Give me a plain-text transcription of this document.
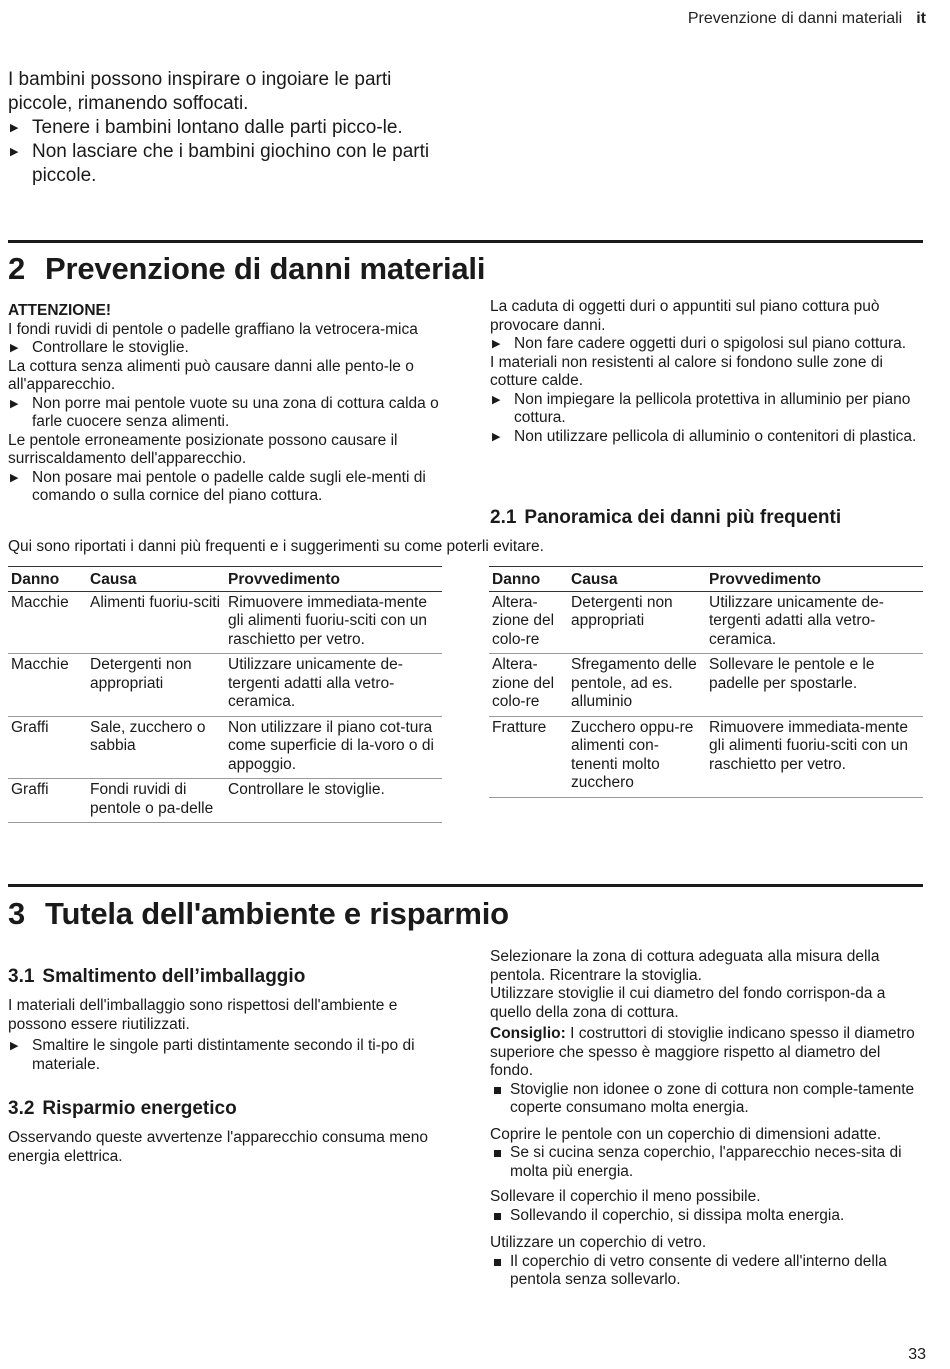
Prevenzione di danni materiali it

I bambini possono inspirare o ingoiare le parti piccole, rimanendo soffocati.

▶ Tenere i bambini lontano dalle parti picco-le.

▶ Non lasciare che i bambini giochino con le parti piccole.

2 Prevenzione di danni materiali

ATTENZIONE!

I fondi ruvidi di pentole o padelle graffiano la vetrocera-mica

▶ Controllare le stoviglie.

La cottura senza alimenti può causare danni alle pento-le o all'apparecchio.

▶ Non porre mai pentole vuote su una zona di cottura calda o farle cuocere senza alimenti.

Le pentole erroneamente posizionate possono causare il surriscaldamento dell'apparecchio.

▶ Non posare mai pentole o padelle calde sugli ele-menti di comando o sulla cornice del piano cottura.

La caduta di oggetti duri o appuntiti sul piano cottura può provocare danni.

▶ Non fare cadere oggetti duri o spigolosi sul piano cottura.

I materiali non resistenti al calore si fondono sulle zone di cotture calde.

▶ Non impiegare la pellicola protettiva in alluminio per piano cottura.

▶ Non utilizzare pellicola di alluminio o contenitori di plastica.

2.1 Panoramica dei danni più frequenti
Qui sono riportati i danni più frequenti e i suggerimenti su come poterli evitare.
Danno	Causa	Provvedimento
Macchie	Alimenti fuoriu-sciti	Rimuovere immediata-mente gli alimenti fuoriu-sciti con un raschietto per vetro.
Macchie	Detergenti non appropriati	Utilizzare unicamente de-tergenti adatti alla vetro-ceramica.
Graffi	Sale, zucchero o sabbia	Non utilizzare il piano cot-tura come superficie di la-voro o di appoggio.
Graffi	Fondi ruvidi di pentole o pa-delle	Controllare le stoviglie.
Danno	Causa	Provvedimento
Altera-zione del colo-re	Detergenti non appropriati	Utilizzare unicamente de-tergenti adatti alla vetro-ceramica.
Altera-zione del colo-re	Sfregamento delle pentole, ad es. alluminio	Sollevare le pentole e le padelle per spostarle.
Fratture	Zucchero oppu-re alimenti con-tenenti molto zucchero	Rimuovere immediata-mente gli alimenti fuoriu-sciti con un raschietto per vetro.
3 Tutela dell'ambiente e risparmio
3.1 Smaltimento dell’imballaggio

I materiali dell'imballaggio sono rispettosi dell'ambiente e possono essere riutilizzati.

▶ Smaltire le singole parti distintamente secondo il ti-po di materiale.

3.2 Risparmio energetico

Osservando queste avvertenze l'apparecchio consuma meno energia elettrica.

Selezionare la zona di cottura adeguata alla misura della pentola. Ricentrare la stoviglia.

Utilizzare stoviglie il cui diametro del fondo corrispon-da a quello della zona di cottura.

Consiglio: I costruttori di stoviglie indicano spesso il diametro superiore che spesso è maggiore rispetto al diametro del fondo.

Stoviglie non idonee o zone di cottura non comple-tamente coperte consumano molta energia.

Coprire le pentole con un coperchio di dimensioni adatte.

Se si cucina senza coperchio, l'apparecchio neces-sita di molta più energia.

Sollevare il coperchio il meno possibile.

Sollevando il coperchio, si dissipa molta energia.

Utilizzare un coperchio di vetro.

Il coperchio di vetro consente di vedere all'interno della pentola senza sollevarlo.

33
